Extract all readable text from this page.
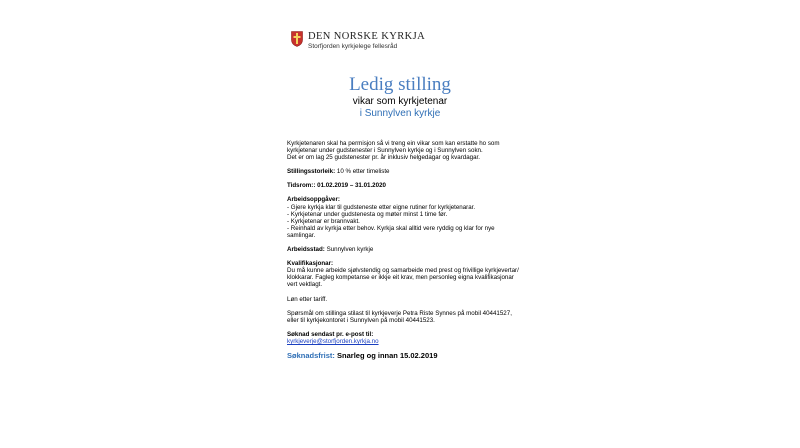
DEN NORSKE KYRKJA
Storfjorden kyrkjelege fellesråd
Ledig stilling
vikar som kyrkjetenar
i Sunnylven kyrkje

Kyrkjetenaren skal ha permisjon så vi treng ein vikar som kan erstatte ho som

kyrkjetenar under gudstenester i Sunnylven kyrkje og i Sunnylven sokn.

Det er om lag 25 gudstenester pr. år inklusiv helgedagar og kvardagar.

Stillingsstorleik: 10 % etter timeliste

Tidsrom:: 01.02.2019 – 31.01.2020

Arbeidsoppgåver:

- Gjere kyrkja klar til gudsteneste etter eigne rutiner for kyrkjetenarar.

- Kyrkjetenar under gudstenesta og møter minst 1 time før.

- Kyrkjetenar er brannvakt.

- Reinhald av kyrkja etter behov. Kyrkja skal alltid vere ryddig og klar for nye

samlingar.

Arbeidsstad: Sunnylven kyrkje

Kvalifikasjonar:

Du må kunne arbeide sjølvstendig og samarbeide med prest og frivillige kyrkjevertar/

klokkarar. Fagleg kompetanse er ikkje eit krav, men personleg eigna kvalifikasjonar

vert vektlagt.

Løn etter tariff.

Spørsmål om stillinga stilast til kyrkjeverje Petra Riste Synnes på mobil 40441527,

eller til kyrkjekontoret i Sunnylven på mobil 40441523.

Søknad sendast pr. e-post til:

kyrkjeverje@storfjorden.kyrkja.no

Søknadsfrist: Snarleg og innan 15.02.2019
